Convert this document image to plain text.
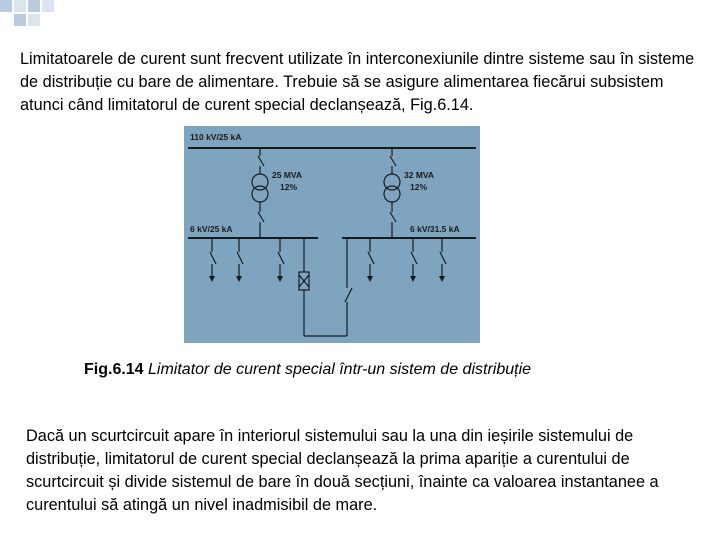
Limitatoarele de curent sunt frecvent utilizate în interconexiunile dintre sisteme sau în sisteme de distribuție cu bare de alimentare. Trebuie să se asigure alimentarea fiecărui subsistem atunci când limitatorul de curent special declanșează, Fig.6.14.

110 kV/25 kA
25 MVA
12%
32 MVA
12%
6 kV/25 kA	6 kV/31.5 kA

Fig.6.14 Limitator de curent special într-un sistem de distribuție

Dacă un scurtcircuit apare în interiorul sistemului sau la una din ieșirile sistemului de distribuție, limitatorul de curent special declanșează la prima apariție a curentului de scurtcircuit și divide sistemul de bare în două secțiuni, înainte ca valoarea instantanee a curentului să atingă un nivel inadmisibil de mare.
